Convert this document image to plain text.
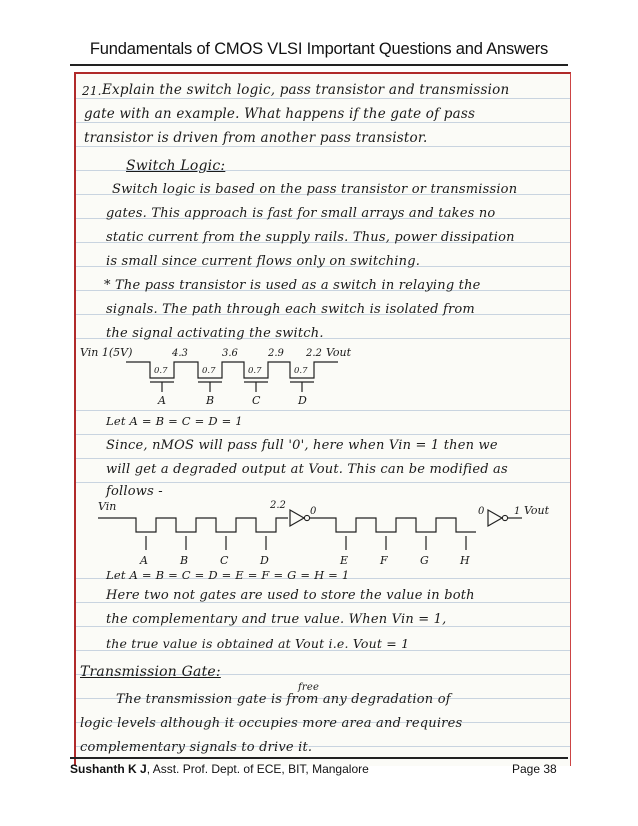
Fundamentals of CMOS VLSI Important Questions and Answers
21. Explain the switch logic, pass transistor and transmission
gate with an example. What happens if the gate of pass
transistor is driven from another pass transistor.
Switch Logic:
Switch logic is based on the pass transistor or transmission
gates. This approach is fast for small arrays and takes no
static current from the supply rails. Thus, power dissipation
is small since current flows only on switching.
* The pass transistor is used as a switch in relaying the
signals. The path through each switch is isolated from
the signal activating the switch.
Vin 1(5V)	4.3	3.6	2.9 2.2 Vout
0.7	0.7	0.7	0.7
A	B	C	D
Let A = B = C = D = 1
Since, nMOS will pass full '0', here when Vin = 1 then we
will get a degraded output at Vout. This can be modified as
follows -
Vin	2.2
0	0	1 Vout
A	B	C	D	E	F	G	H
Let A = B = C = D = E = F = G = H = 1
Here two not gates are used to store the value in both
the complementary and true value. When Vin = 1,
the true value is obtained at Vout i.e. Vout = 1
Transmission Gate:
free
The transmission gate is from any degradation of
logic levels although it occupies more area and requires
complementary signals to drive it.
Sushanth K J, Asst. Prof. Dept. of ECE, BIT, Mangalore	Page 38
